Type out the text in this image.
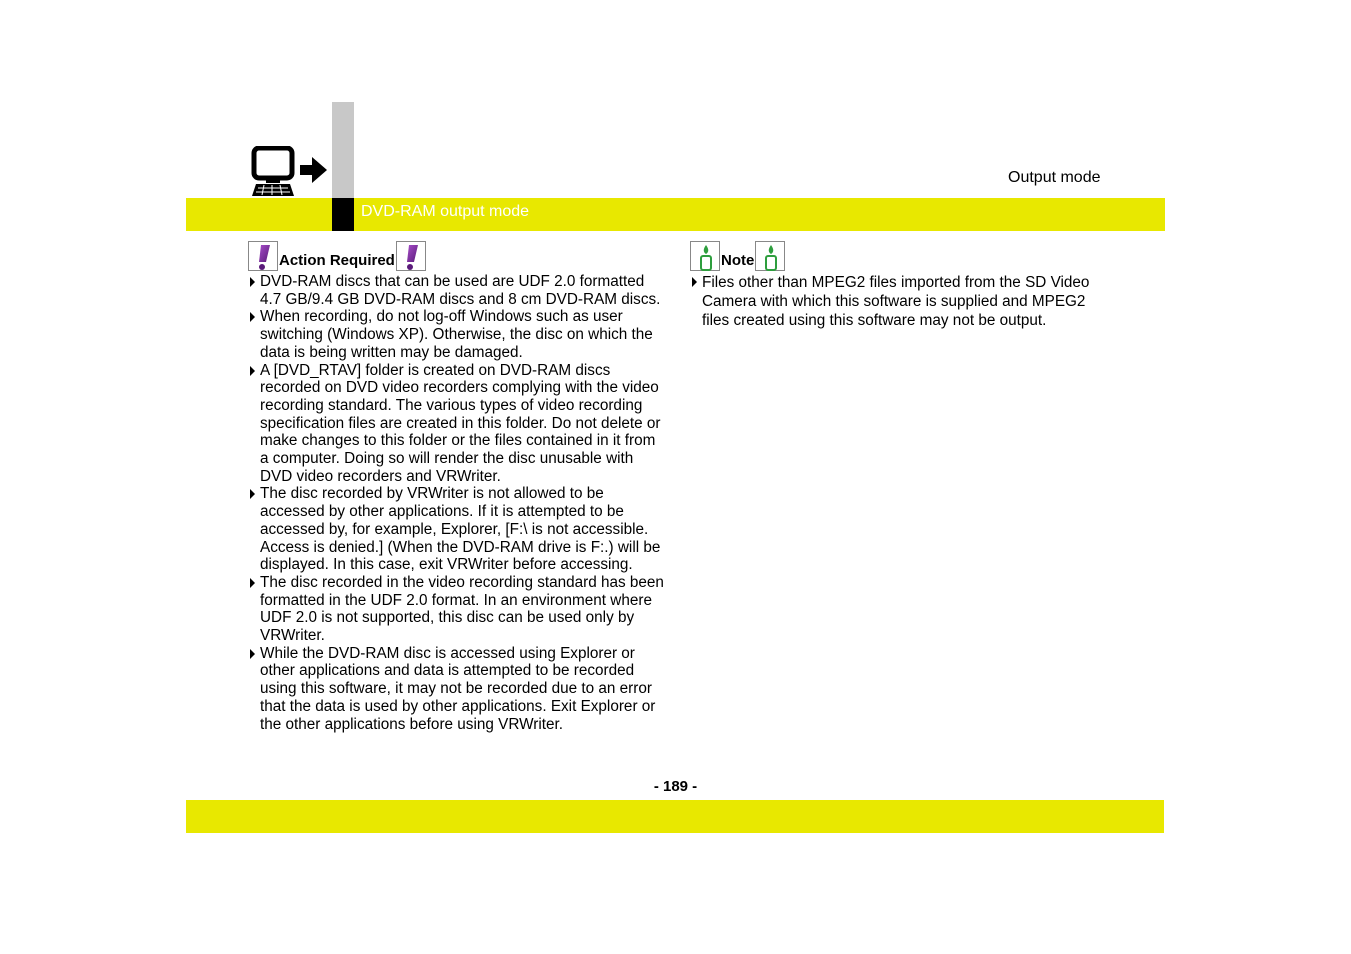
Output mode
DVD-RAM output mode
Action Required
DVD-RAM discs that can be used are UDF 2.0 formatted 4.7 GB/9.4 GB DVD-RAM discs and 8 cm DVD-RAM discs.
When recording, do not log-off Windows such as user switching (Windows XP). Otherwise, the disc on which the data is being written may be damaged.
A [DVD_RTAV] folder is created on DVD-RAM discs recorded on DVD video recorders complying with the video recording standard. The various types of video recording specification files are created in this folder. Do not delete or make changes to this folder or the files contained in it from a computer. Doing so will render the disc unusable with DVD video recorders and VRWriter.
The disc recorded by VRWriter is not allowed to be accessed by other applications. If it is attempted to be accessed by, for example, Explorer, [F:\ is not accessible. Access is denied.] (When the DVD-RAM drive is F:.) will be displayed. In this case, exit VRWriter before accessing.
The disc recorded in the video recording standard has been formatted in the UDF 2.0 format. In an environment where UDF 2.0 is not supported, this disc can be used only by VRWriter.
While the DVD-RAM disc is accessed using Explorer or other applications and data is attempted to be recorded using this software, it may not be recorded due to an error that the data is used by other applications. Exit Explorer or the other applications before using VRWriter.
Note
Files other than MPEG2 files imported from the SD Video Camera with which this software is supplied and MPEG2 files created using this software may not be output.
- 189 -
